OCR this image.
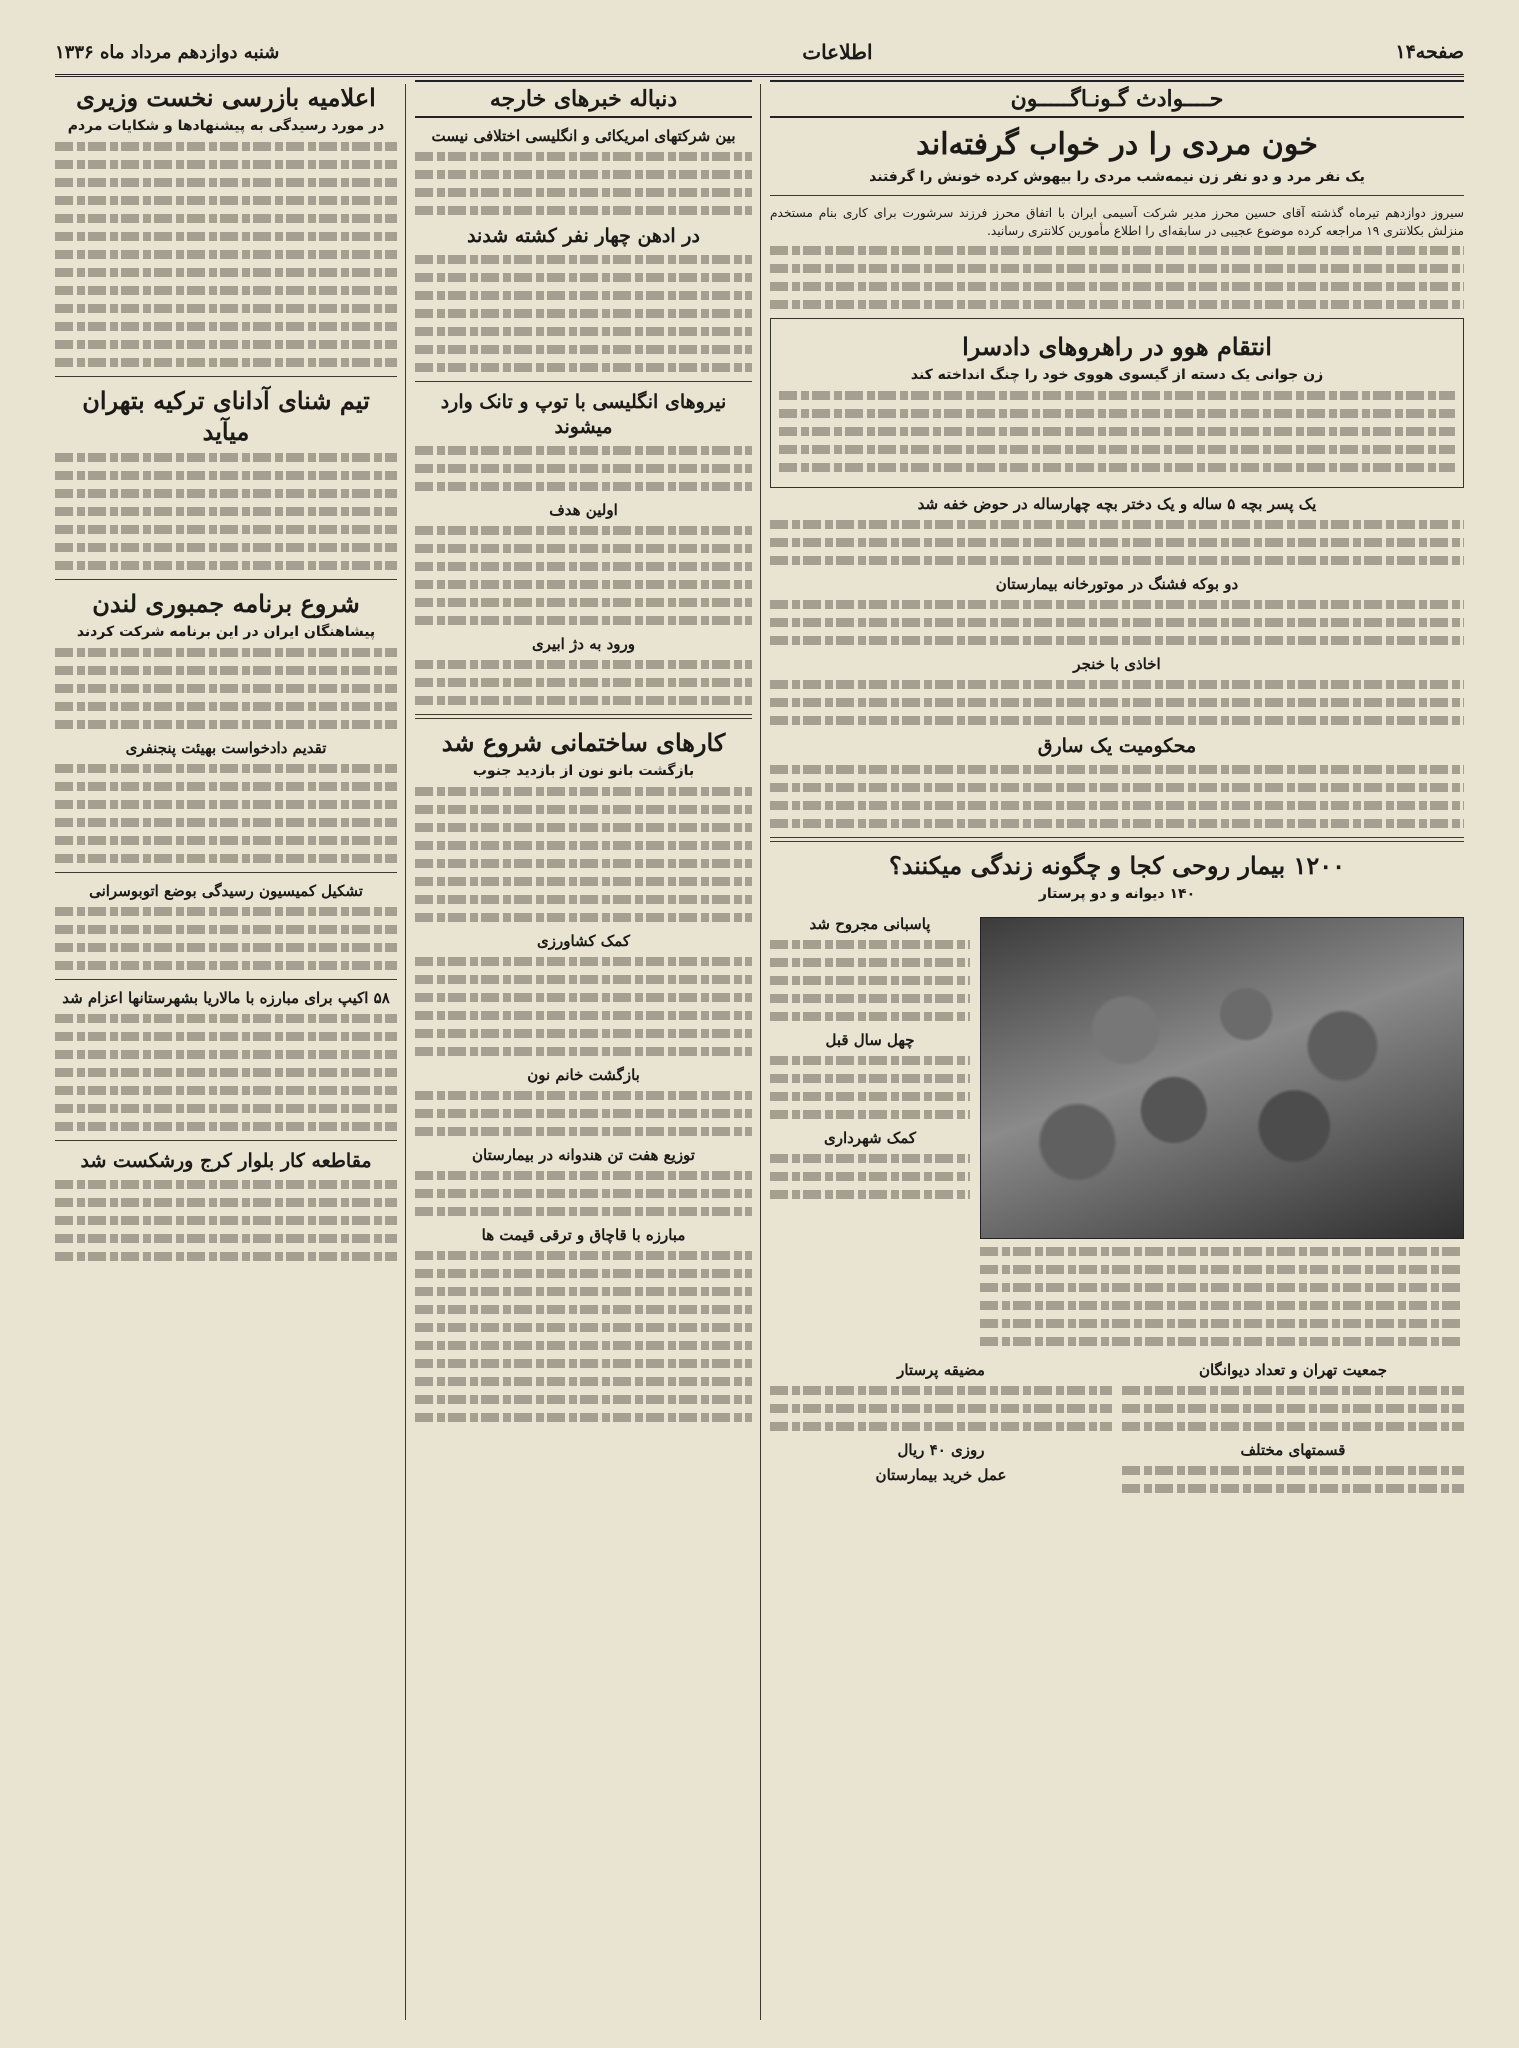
صفحه۱۴
اطلاعات
شنبه دوازدهم مرداد ماه ۱۳۳۶
حــــوادث گـونـاگـــــون
خون مردی را در خواب گرفته‌اند
یک نفر مرد و دو نفر زن نیمه‌شب مردی را بیهوش کرده خونش را گرفتند

سیروز دوازدهم تیرماه گذشته آقای حسین محرز مدیر شرکت آسیمی ایران با اتفاق محرز فرزند سرشورت برای کاری بنام مستخدم منزلش بکلانتری ۱۹ مراجعه کرده موضوع عجیبی در سابقه‌ای را اطلاع مأمورین کلانتری رسانید.

انتقام هوو در راهروهای دادسرا
زن جوانی یک دسته از گیسوی هووی خود را چنگ انداخته کند
یک پسر بچه ۵ ساله و یک دختر بچه چهارساله در حوض خفه شد
دو بوکه فشنگ در موتورخانه بیمارستان
اخاذی با خنجر
محکومیت یک سارق
۱۲۰۰ بیمار روحی کجا و چگونه زندگی میکنند؟
۱۴۰ دیوانه و دو پرستار
پاسبانی مجروح شد
چهل سال قبل
کمک شهرداری
جمعیت تهران و تعداد دیوانگان
قسمتهای مختلف
مضیقه پرستار
روزی ۴۰ ریال
عمل خرید بیمارستان
دنباله خبرهای خارجه
بین شرکتهای امریکائی و انگلیسی اختلافی نیست
در ادهن چهار نفر کشته شدند
نیروهای انگلیسی با توپ و تانک وارد میشوند
اولین هدف
ورود به دژ ابیری
کارهای ساختمانی شروع شد
بازگشت بانو نون از بازدید جنوب
کمک کشاورزی
بازگشت خانم نون
توزیع هفت تن هندوانه در بیمارستان
مبارزه با قاچاق و ترقی قیمت ها
اعلامیه بازرسی نخست وزیری
در مورد رسیدگی به پیشنهادها و شکایات مردم
تیم شنای آدانای ترکیه بتهران میآید
شروع برنامه جمبوری لندن
پیشاهنگان ایران در این برنامه شرکت کردند
تقدیم دادخواست بهیئت پنجنفری
تشکیل کمیسیون رسیدگی بوضع اتوبوسرانی
۵۸ اکیپ برای مبارزه با مالاریا بشهرستانها اعزام شد
مقاطعه کار بلوار کرج ورشکست شد
